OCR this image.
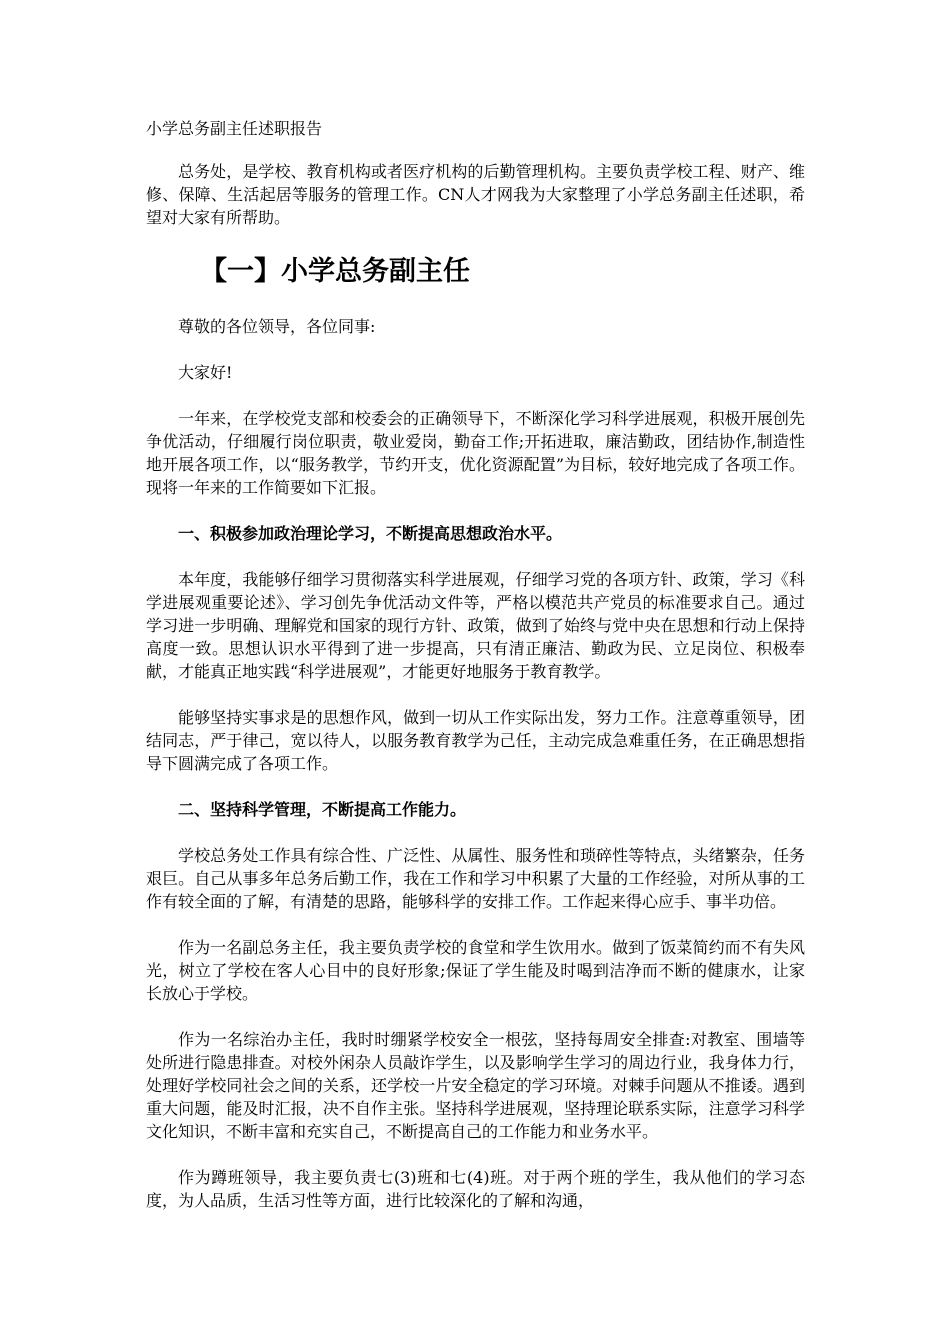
小学总务副主任述职报告

总务处，是学校、教育机构或者医疗机构的后勤管理机构。主要负责学校工程、财产、维修、保障、生活起居等服务的管理工作。CN人才网我为大家整理了小学总务副主任述职，希望对大家有所帮助。

【一】小学总务副主任

尊敬的各位领导，各位同事:

大家好!

一年来，在学校党支部和校委会的正确领导下，不断深化学习科学进展观，积极开展创先争优活动，仔细履行岗位职责，敬业爱岗，勤奋工作;开拓进取，廉洁勤政，团结协作,制造性地开展各项工作，以“服务教学，节约开支，优化资源配置”为目标，较好地完成了各项工作。现将一年来的工作简要如下汇报。

一、积极参加政治理论学习，不断提高思想政治水平。

本年度，我能够仔细学习贯彻落实科学进展观，仔细学习党的各项方针、政策，学习《科学进展观重要论述》、学习创先争优活动文件等，严格以模范共产党员的标准要求自己。通过学习进一步明确、理解党和国家的现行方针、政策，做到了始终与党中央在思想和行动上保持高度一致。思想认识水平得到了进一步提高，只有清正廉洁、勤政为民、立足岗位、积极奉献，才能真正地实践“科学进展观”，才能更好地服务于教育教学。

能够坚持实事求是的思想作风，做到一切从工作实际出发，努力工作。注意尊重领导，团结同志，严于律己，宽以待人，以服务教育教学为己任，主动完成急难重任务，在正确思想指导下圆满完成了各项工作。

二、坚持科学管理，不断提高工作能力。

学校总务处工作具有综合性、广泛性、从属性、服务性和琐碎性等特点，头绪繁杂，任务艰巨。自己从事多年总务后勤工作，我在工作和学习中积累了大量的工作经验，对所从事的工作有较全面的了解，有清楚的思路，能够科学的安排工作。工作起来得心应手、事半功倍。

作为一名副总务主任，我主要负责学校的食堂和学生饮用水。做到了饭菜简约而不有失风光，树立了学校在客人心目中的良好形象;保证了学生能及时喝到洁净而不断的健康水，让家长放心于学校。

作为一名综治办主任，我时时绷紧学校安全一根弦，坚持每周安全排查:对教室、围墙等处所进行隐患排查。对校外闲杂人员敲诈学生，以及影响学生学习的周边行业，我身体力行，处理好学校同社会之间的关系，还学校一片安全稳定的学习环境。对棘手问题从不推诿。遇到重大问题，能及时汇报，决不自作主张。坚持科学进展观，坚持理论联系实际，注意学习科学文化知识，不断丰富和充实自己，不断提高自己的工作能力和业务水平。

作为蹲班领导，我主要负责七(3)班和七(4)班。对于两个班的学生，我从他们的学习态度，为人品质，生活习性等方面，进行比较深化的了解和沟通，
